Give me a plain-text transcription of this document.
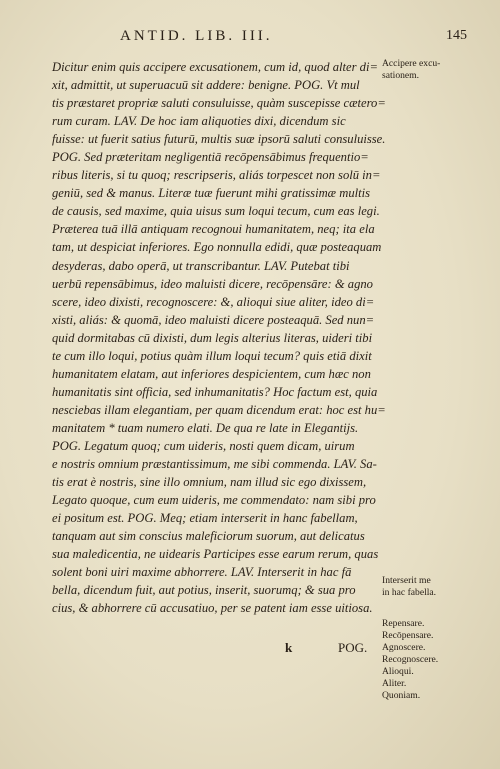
ANTID. LIB. III.	145
Dicitur enim quis accipere excusationem, cum id, quod alter di=
xit, admittit, ut superuacuū sit addere: benigne. POG. Vt mul
tis præstaret propriæ saluti consuluisse, quàm suscepisse cætero=
rum curam. LAV. De hoc iam aliquoties dixi, dicendum sic
fuisse: ut fuerit satius futurū, multis suæ ipsorū saluti consuluisse.
POG. Sed præteritam negligentiā recōpensābimus frequentio=
ribus literis, si tu quoq; rescripseris, aliás torpescet non solū in=
geniū, sed & manus. Literæ tuæ fuerunt mihi gratissimæ multis
de causis, sed maxime, quia uisus sum loqui tecum, cum eas legi.
Præterea tuā illā antiquam recognoui humanitatem, neq; ita ela
tam, ut despiciat inferiores. Ego nonnulla edidi, quæ posteaquam
desyderas, dabo operā, ut transcribantur. LAV. Putebat tibi
uerbū repensābimus, ideo maluisti dicere, recōpensāre: & agno
scere, ideo dixisti, recognoscere: &, alioqui siue aliter, ideo di=
xisti, aliás: & quomā, ideo maluisti dicere posteaquā. Sed nun=
quid dormitabas cū dixisti, dum legis alterius literas, uideri tibi
te cum illo loqui, potius quàm illum loqui tecum? quis etiā dixit
humanitatem elatam, aut inferiores despicientem, cum hæc non
humanitatis sint officia, sed inhumanitatis? Hoc factum est, quia
nesciebas illam elegantiam, per quam dicendum erat: hoc est hu=
manitatem * tuam numero elati. De qua re late in Elegantijs.
POG. Legatum quoq; cum uideris, nosti quem dicam, uirum
e nostris omnium præstantissimum, me sibi commenda. LAV. Sa-
tis erat è nostris, sine illo omnium, nam illud sic ego dixissem,
Legato quoque, cum eum uideris, me commendato: nam sibi pro
ei positum est. POG. Meq; etiam interserit in hanc fabellam,
tanquam aut sim conscius maleficiorum suorum, aut delicatus
sua maledicentia, ne uidearis Participes esse earum rerum, quas
solent boni uiri maxime abhorrere. LAV. Interserit in hac fā
bella, dicendum fuit, aut potius, inserit, suorumq; & sua pro
cius, & abhorrere cū accusatiuo, per se patent iam esse uitiosa.
Accipere excu-
sationem.
Repensare.
Recōpensare.
Agnoscere.
Recognoscere.
Alioqui.
Aliter.
Quoniam.
Interserit me
in hac fabella.
k	POG.
